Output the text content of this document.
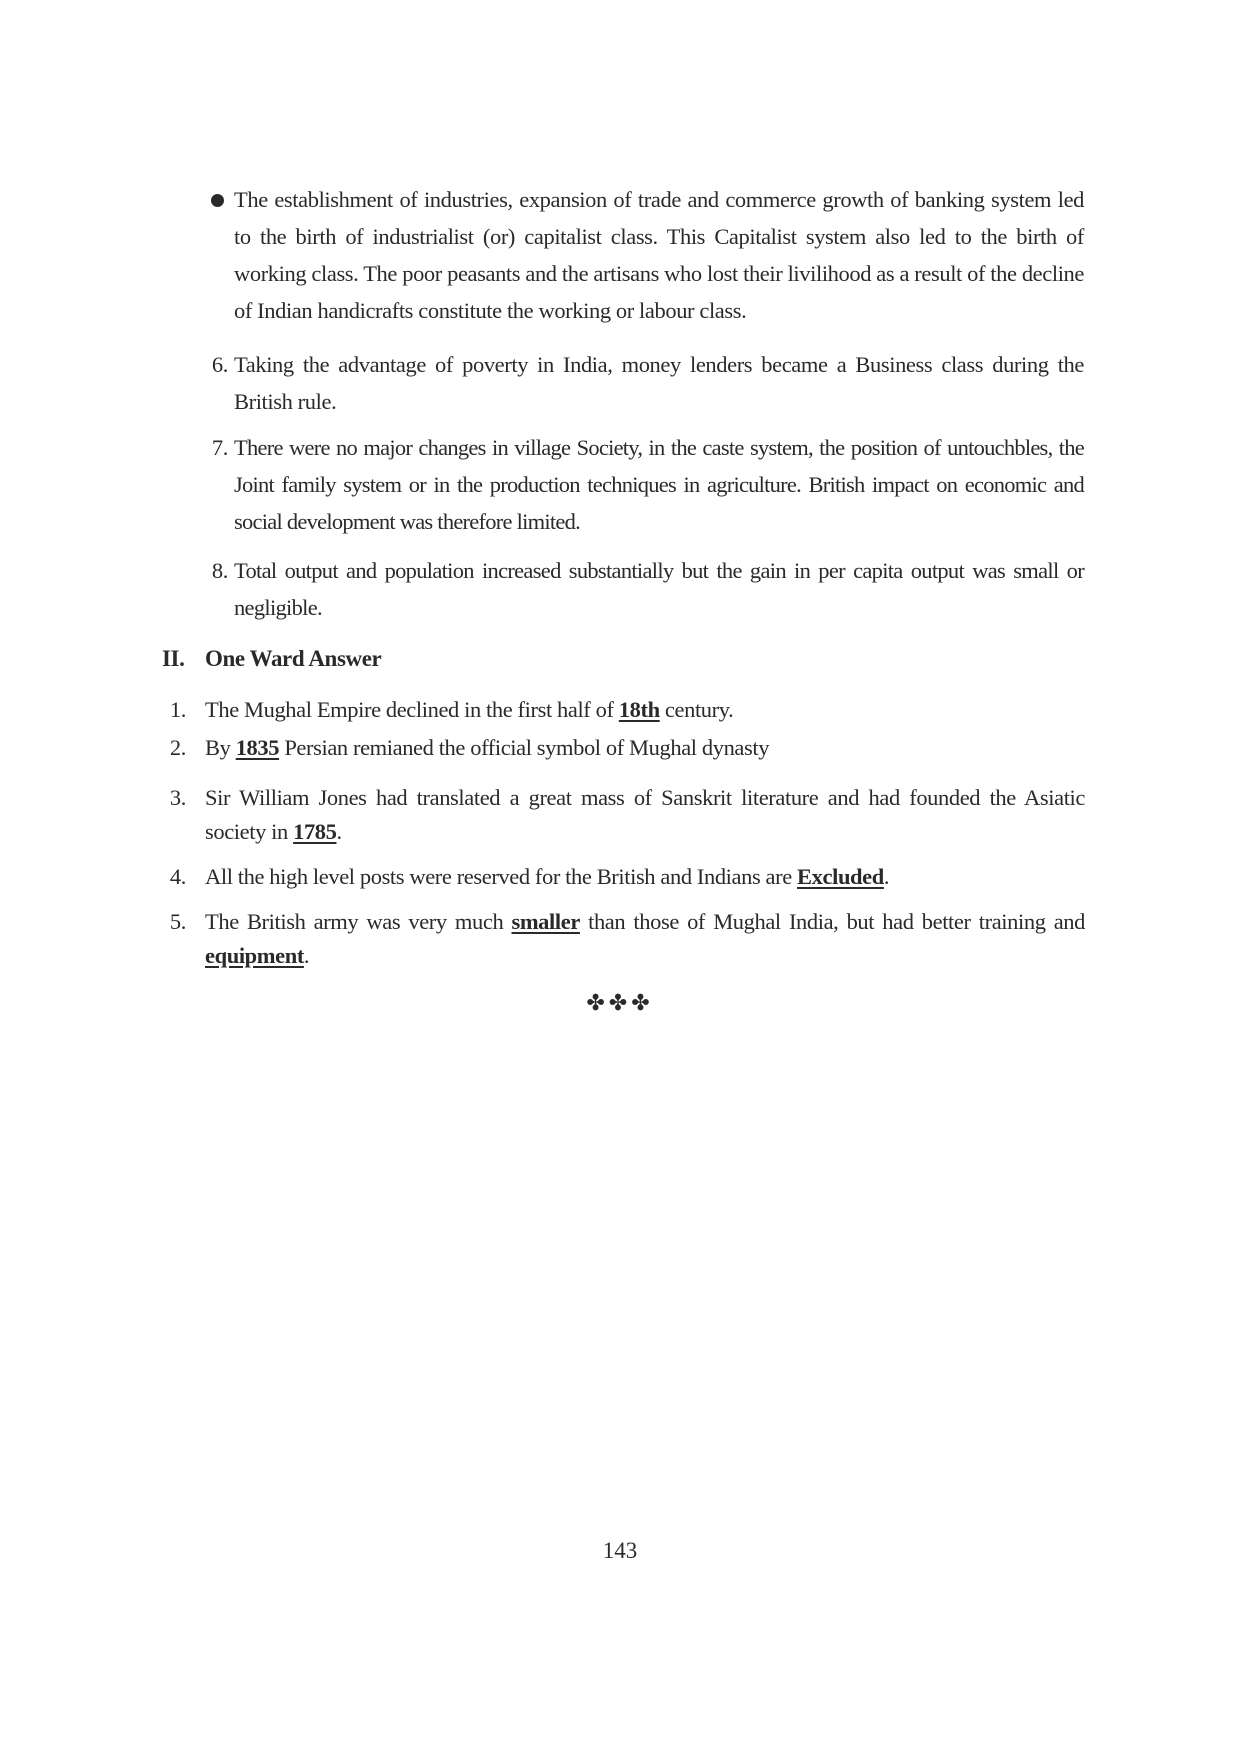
The establishment of industries, expansion of trade and commerce growth of banking system led to the birth of industrialist (or) capitalist class. This Capitalist system also led to the birth of working class. The poor peasants and the artisans who lost their livilihood as a result of the decline of Indian handicrafts constitute the working or labour class.
6. Taking the advantage of poverty in India, money lenders became a Business class during the British rule.
7. There were no major changes in village Society, in the caste system, the position of untouchbles, the Joint family system or in the production techniques in agriculture. British impact on economic and social development was therefore limited.
8. Total output and population increased substantially but the gain in per capita output was small or negligible.
II. One Ward Answer
1. The Mughal Empire declined in the first half of 18th century.
2. By 1835 Persian remianed the official symbol of Mughal dynasty
3. Sir William Jones had translated a great mass of Sanskrit literature and had founded the Asiatic society in 1785.
4. All the high level posts were reserved for the British and Indians are Excluded.
5. The British army was very much smaller than those of Mughal India, but had better training and equipment.
✤✤✤
143
